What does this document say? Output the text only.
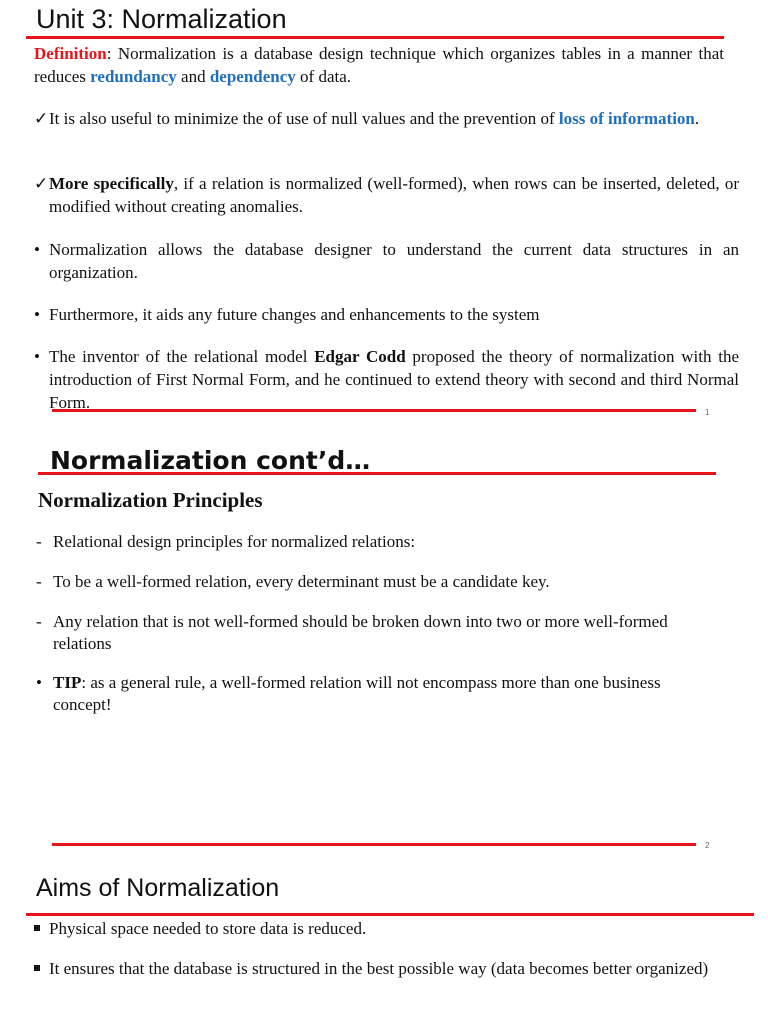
Unit 3: Normalization
Definition: Normalization is a database design technique which organizes tables in a manner that reduces redundancy and dependency of data.
✓It is also useful to minimize the of use of null values and the prevention of loss of information.
✓More specifically, if a relation is normalized (well-formed), when rows can be inserted, deleted, or modified without creating anomalies.
• Normalization allows the database designer to understand the current data structures in an organization.
• Furthermore, it aids any future changes and enhancements to the system
• The inventor of the relational model Edgar Codd proposed the theory of normalization with the introduction of First Normal Form, and he continued to extend theory with second and third Normal Form.
1
Normalization cont’d…
Normalization Principles
- Relational design principles for normalized relations:
- To be a well-formed relation, every determinant must be a candidate key.
- Any relation that is not well-formed should be broken down into two or more well-formed relations
• TIP: as a general rule, a well-formed relation will not encompass more than one business concept!
2
Aims of Normalization
Physical space needed to store data is reduced.
It ensures that the database is structured in the best possible way (data becomes better organized)
